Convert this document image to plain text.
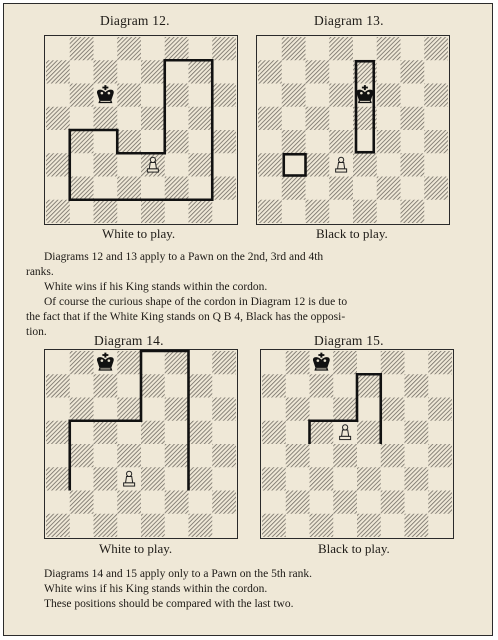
Diagram 12.
White to play.
Diagram 13.
Black to play.
Diagrams 12 and 13 apply to a Pawn on the 2nd, 3rd and 4th
ranks.
White wins if his King stands within the cordon.
Of course the curious shape of the cordon in Diagram 12 is due to
the fact that if the White King stands on Q B 4, Black has the opposi-
tion.
Diagram 14.
White to play.
Diagram 15.
Black to play.
Diagrams 14 and 15 apply only to a Pawn on the 5th rank.
White wins if his King stands within the cordon.
These positions should be compared with the last two.
